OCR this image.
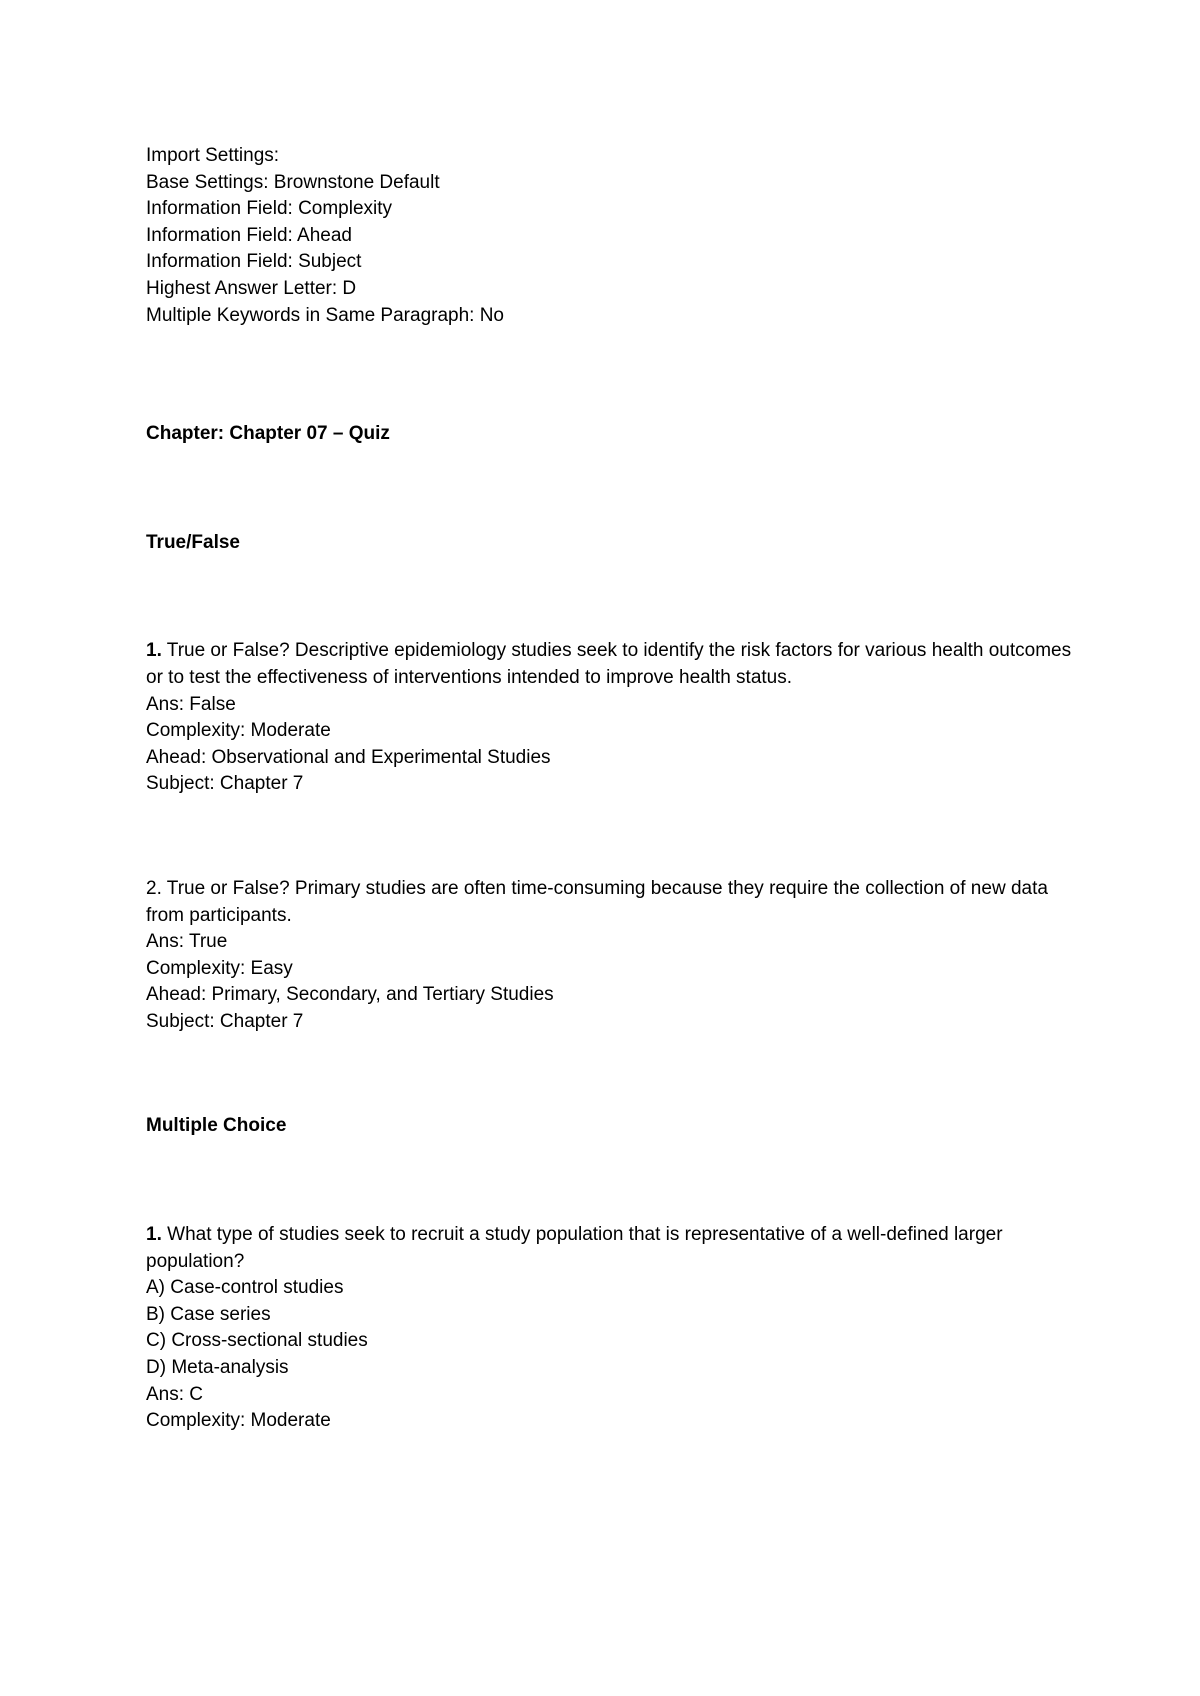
Import Settings:
Base Settings: Brownstone Default
Information Field: Complexity
Information Field: Ahead
Information Field: Subject
Highest Answer Letter: D
Multiple Keywords in Same Paragraph: No
Chapter: Chapter 07 – Quiz
True/False
1. True or False? Descriptive epidemiology studies seek to identify the risk factors for various health outcomes or to test the effectiveness of interventions intended to improve health status.
Ans: False
Complexity: Moderate
Ahead: Observational and Experimental Studies
Subject: Chapter 7
2. True or False? Primary studies are often time-consuming because they require the collection of new data from participants.
Ans: True
Complexity: Easy
Ahead: Primary, Secondary, and Tertiary Studies
Subject: Chapter 7
Multiple Choice
1. What type of studies seek to recruit a study population that is representative of a well-defined larger population?
A) Case-control studies
B) Case series
C) Cross-sectional studies
D) Meta-analysis
Ans: C
Complexity: Moderate
